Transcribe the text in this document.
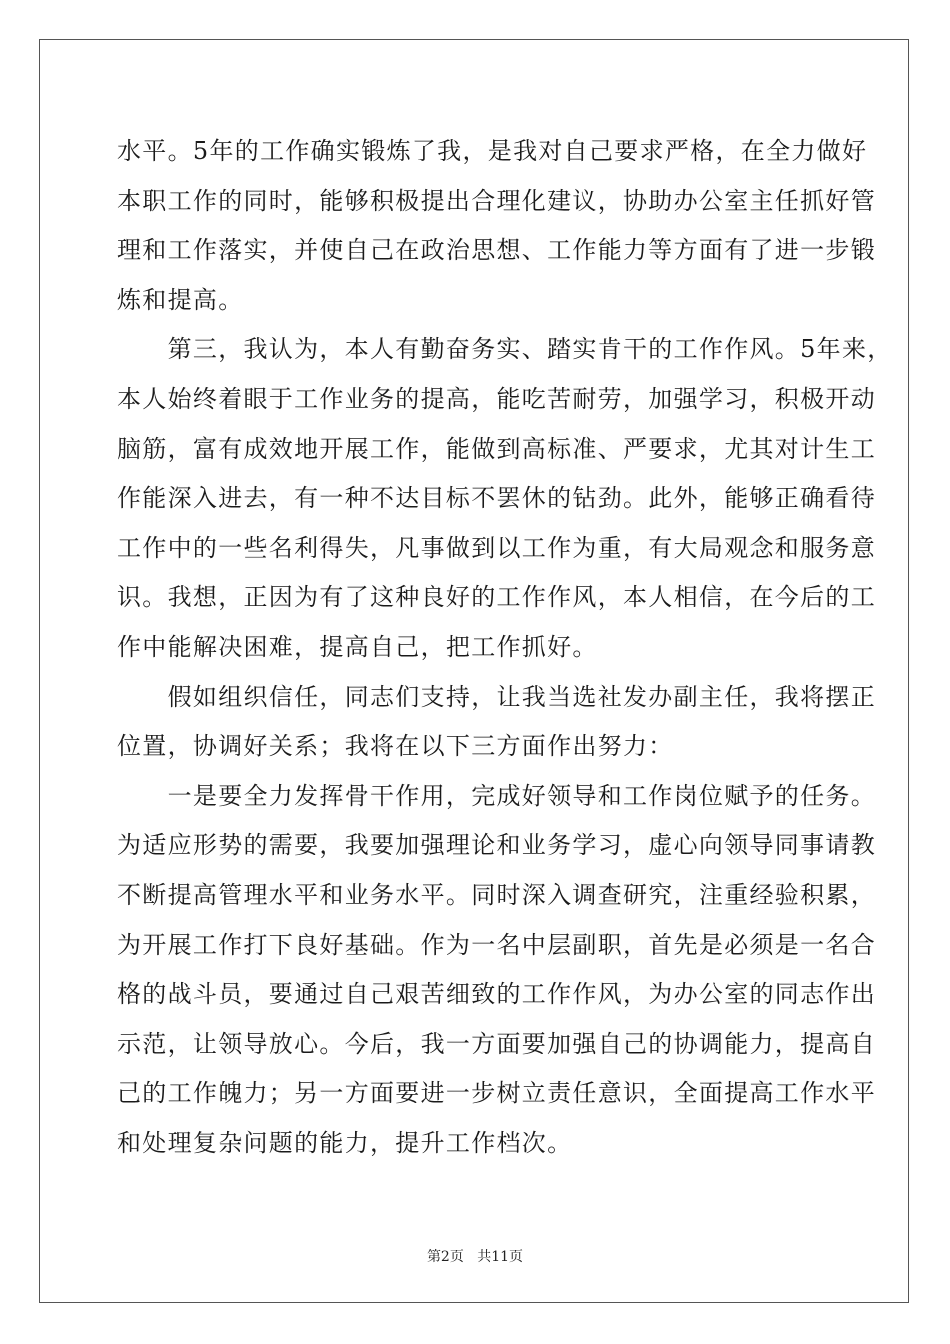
水平。5年的工作确实锻炼了我，是我对自己要求严格，在全力做好
本职工作的同时，能够积极提出合理化建议，协助办公室主任抓好管
理和工作落实，并使自己在政治思想、工作能力等方面有了进一步锻
炼和提高。
　　第三，我认为，本人有勤奋务实、踏实肯干的工作作风。5年来，
本人始终着眼于工作业务的提高，能吃苦耐劳，加强学习，积极开动
脑筋，富有成效地开展工作，能做到高标准、严要求，尤其对计生工
作能深入进去，有一种不达目标不罢休的钻劲。此外，能够正确看待
工作中的一些名利得失，凡事做到以工作为重，有大局观念和服务意
识。我想，正因为有了这种良好的工作作风，本人相信，在今后的工
作中能解决困难，提高自己，把工作抓好。
　　假如组织信任，同志们支持，让我当选社发办副主任，我将摆正
位置，协调好关系；我将在以下三方面作出努力：
　　一是要全力发挥骨干作用，完成好领导和工作岗位赋予的任务。
为适应形势的需要，我要加强理论和业务学习，虚心向领导同事请教
不断提高管理水平和业务水平。同时深入调查研究，注重经验积累，
为开展工作打下良好基础。作为一名中层副职，首先是必须是一名合
格的战斗员，要通过自己艰苦细致的工作作风，为办公室的同志作出
示范，让领导放心。今后，我一方面要加强自己的协调能力，提高自
己的工作魄力；另一方面要进一步树立责任意识，全面提高工作水平
和处理复杂问题的能力，提升工作档次。
第2页 共11页
